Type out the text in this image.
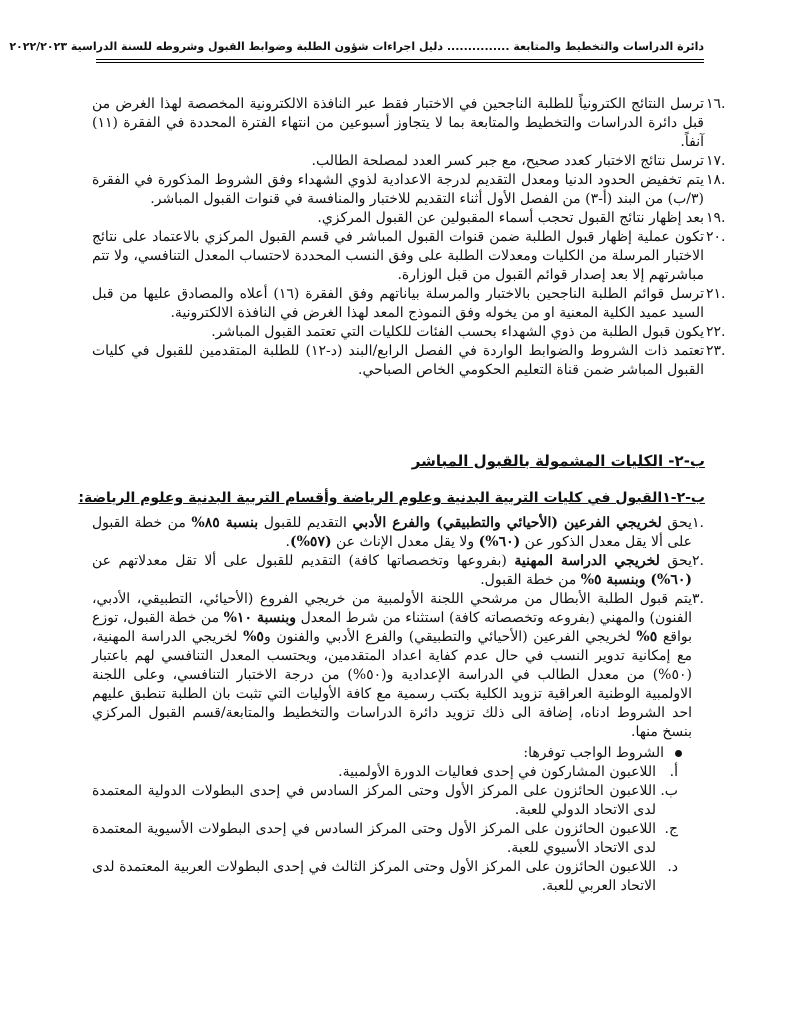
دائرة الدراسات والتخطيط والمتابعة ............... دليل اجراءات شؤون الطلبة وضوابط القبول وشروطه للسنة الدراسية ٢٠٢٢/٢٠٢٣
١٦.
ترسل النتائج الكترونياً للطلبة الناجحين في الاختبار فقط عبر النافذة الالكترونية المخصصة لهذا الغرض من قبل دائرة الدراسات والتخطيط والمتابعة بما لا يتجاوز أسبوعين من انتهاء الفترة المحددة في الفقرة (١١) آنفاً.
١٧.
ترسل نتائج الاختبار كعدد صحيح، مع جبر كسر العدد لمصلحة الطالب.
١٨.
يتم تخفيض الحدود الدنيا ومعدل التقديم لدرجة الاعدادية لذوي الشهداء وفق الشروط المذكورة في الفقرة (٣/ب) من البند (أ-٣) من الفصل الأول أثناء التقديم للاختبار والمنافسة في قنوات القبول المباشر.
١٩.
بعد إظهار نتائج القبول تحجب أسماء المقبولين عن القبول المركزي.
٢٠.
تكون عملية إظهار قبول الطلبة ضمن قنوات القبول المباشر في قسم القبول المركزي بالاعتماد على نتائج الاختبار المرسلة من الكليات ومعدلات الطلبة على وفق النسب المحددة لاحتساب المعدل التنافسي، ولا تتم مباشرتهم إلا بعد إصدار قوائم القبول من قبل الوزارة.
٢١.
ترسل قوائم الطلبة الناجحين بالاختبار والمرسلة بياناتهم وفق الفقرة (١٦) أعلاه والمصادق عليها من قبل السيد عميد الكلية المعنية او من يخوله وفق النموذج المعد لهذا الغرض في النافذة الالكترونية.
٢٢.
يكون قبول الطلبة من ذوي الشهداء بحسب الفئات للكليات التي تعتمد القبول المباشر.
٢٣.
تعتمد ذات الشروط والضوابط الواردة في الفصل الرابع/البند (د-١٢) للطلبة المتقدمين للقبول في كليات القبول المباشر ضمن قناة التعليم الحكومي الخاص الصباحي.
ب-٢- الكليات المشمولة بالقبول المباشر
ب-٢-١القبول في كليات التربية البدنية وعلوم الرياضة وأقسام التربية البدنية وعلوم الرياضة:
١.
يحق لخريجي الفرعين (الأحيائي والتطبيقي) والفرع الأدبي التقديم للقبول بنسبة ٨٥% من خطة القبول على ألا يقل معدل الذكور عن (٦٠%) ولا يقل معدل الإناث عن (٥٧%).
٢.
يحق لخريجي الدراسة المهنية (بفروعها وتخصصاتها كافة) التقديم للقبول على ألا تقل معدلاتهم عن (٦٠%) وبنسبة ٥% من خطة القبول.
٣.
يتم قبول الطلبة الأبطال من مرشحي اللجنة الأولمبية من خريجي الفروع (الأحيائي، التطبيقي، الأدبي، الفنون) والمهني (بفروعه وتخصصاته كافة) استثناء من شرط المعدل وبنسبة ١٠% من خطة القبول، توزع بواقع ٥% لخريجي الفرعين (الأحيائي والتطبيقي) والفرع الأدبي والفنون و٥% لخريجي الدراسة المهنية، مع إمكانية تدوير النسب في حال عدم كفاية اعداد المتقدمين، ويحتسب المعدل التنافسي لهم باعتبار (٥٠%) من معدل الطالب في الدراسة الإعدادية و(٥٠%) من درجة الاختبار التنافسي، وعلى اللجنة الاولمبية الوطنية العراقية تزويد الكلية بكتب رسمية مع كافة الأوليات التي تثبت بان الطلبة تنطبق عليهم احد الشروط ادناه، إضافة الى ذلك تزويد دائرة الدراسات والتخطيط والمتابعة/قسم القبول المركزي بنسخ منها.
الشروط الواجب توفرها:
أ.
اللاعبون المشاركون في إحدى فعاليات الدورة الأولمبية.
ب.
اللاعبون الحائزون على المركز الأول وحتى المركز السادس في إحدى البطولات الدولية المعتمدة لدى الاتحاد الدولي للعبة.
ج.
اللاعبون الحائزون على المركز الأول وحتى المركز السادس في إحدى البطولات الأسيوية المعتمدة لدى الاتحاد الأسيوي للعبة.
د.
اللاعبون الحائزون على المركز الأول وحتى المركز الثالث في إحدى البطولات العربية المعتمدة لدى الاتحاد العربي للعبة.
